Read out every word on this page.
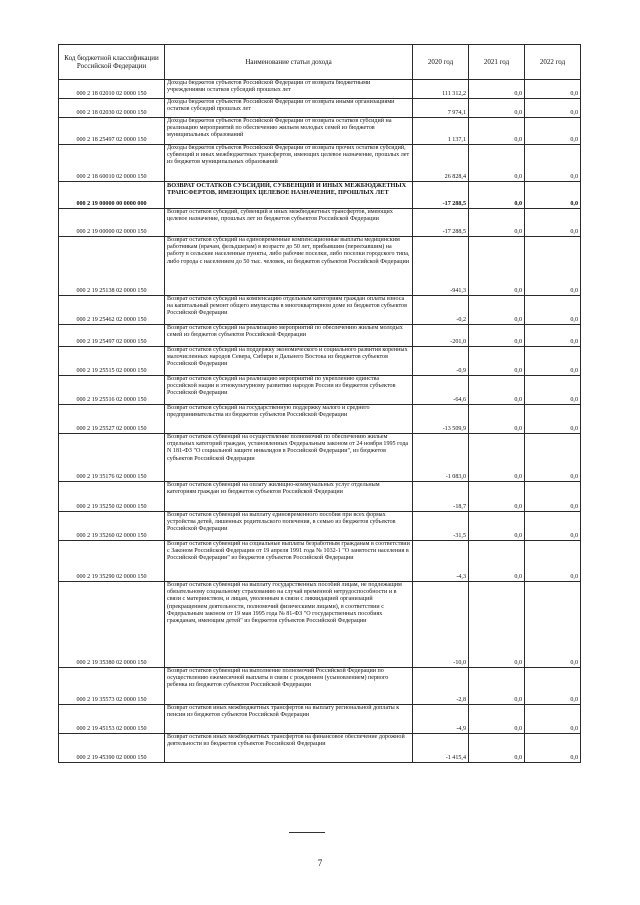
Код бюджетной классификации Российской Федерации	Наименование статьи дохода	2020 год	2021 год	2022 год
000 2 18 02010 02 0000 150	Доходы бюджетов субъектов Российской Федерации от возврата бюджетными учреждениями остатков субсидий прошлых лет	111 312,2	0,0	0,0
000 2 18 02030 02 0000 150	Доходы бюджетов субъектов Российской Федерации от возврата иными организациями остатков субсидий прошлых лет	7 974,1	0,0	0,0
000 2 18 25497 02 0000 150	Доходы бюджетов субъектов Российской Федерации от возврата остатков субсидий на реализацию мероприятий по обеспечению жильем молодых семей из бюджетов муниципальных образований	1 137,1	0,0	0,0
000 2 18 60010 02 0000 150	Доходы бюджетов субъектов Российской Федерации от возврата прочих остатков субсидий, субвенций и иных межбюджетных трансфертов, имеющих целевое назначение, прошлых лет из бюджетов муниципальных образований	26 828,4	0,0	0,0
000 2 19 00000 00 0000 000	ВОЗВРАТ ОСТАТКОВ СУБСИДИЙ, СУБВЕНЦИЙ И ИНЫХ МЕЖБЮДЖЕТНЫХ ТРАНСФЕРТОВ, ИМЕЮЩИХ ЦЕЛЕВОЕ НАЗНАЧЕНИЕ, ПРОШЛЫХ ЛЕТ	-17 288,5	0,0	0,0
000 2 19 00000 02 0000 150	Возврат остатков субсидий, субвенций и иных межбюджетных трансфертов, имеющих целевое назначение, прошлых лет из бюджетов субъектов Российской Федерации	-17 288,5	0,0	0,0
000 2 19 25138 02 0000 150	Возврат остатков субсидий на единовременные компенсационные выплаты медицинским работникам (врачам, фельдшерам) в возрасте до 50 лет, прибывшим (переехавшим) на работу в сельские населенные пункты, либо рабочие поселки, либо поселки городского типа, либо города с населением до 50 тыс. человек, из бюджетов субъектов Российской Федерации	-941,3	0,0	0,0
000 2 19 25462 02 0000 150	Возврат остатков субсидий на компенсацию отдельным категориям граждан оплаты взноса на капитальный ремонт общего имущества в многоквартирном доме из бюджетов субъектов Российской Федерации	-0,2	0,0	0,0
000 2 19 25497 02 0000 150	Возврат остатков субсидий на реализацию мероприятий по обеспечению жильем молодых семей из бюджетов субъектов Российской Федерации	-201,0	0,0	0,0
000 2 19 25515 02 0000 150	Возврат остатков субсидий на поддержку экономического и социального развития коренных малочисленных народов Севера, Сибири и Дальнего Востока из бюджетов субъектов Российской Федерации	-0,9	0,0	0,0
000 2 19 25516 02 0000 150	Возврат остатков субсидий на реализацию мероприятий по укреплению единства российской нации и этнокультурному развитию народов России из бюджетов субъектов Российской Федерации	-64,6	0,0	0,0
000 2 19 25527 02 0000 150	Возврат остатков субсидий на государственную поддержку малого и среднего предпринимательства из бюджетов субъектов Российской Федерации	-13 509,9	0,0	0,0
000 2 19 35176 02 0000 150	Возврат остатков субвенций на осуществление полномочий по обеспечению жильем отдельных категорий граждан, установленных Федеральным законом от 24 ноября 1995 года N 181-ФЗ "О социальной защите инвалидов в Российской Федерации", из бюджетов субъектов Российской Федерации	-1 083,0	0,0	0,0
000 2 19 35250 02 0000 150	Возврат остатков субвенций на оплату жилищно-коммунальных услуг отдельным категориям граждан из бюджетов субъектов Российской Федерации	-18,7	0,0	0,0
000 2 19 35260 02 0000 150	Возврат остатков субвенций на выплату единовременного пособия при всех формах устройства детей, лишенных родительского попечения, в семью из бюджетов субъектов Российской Федерации	-31,5	0,0	0,0
000 2 19 35290 02 0000 150	Возврат остатков субвенций на социальные выплаты безработным гражданам в соответствии с Законом Российской Федерации от 19 апреля 1991 года № 1032-1 "О занятости населения в Российской Федерации" из бюджетов субъектов Российской Федерации	-4,3	0,0	0,0
000 2 19 35380 02 0000 150	Возврат остатков субвенций на выплату государственных пособий лицам, не подлежащим обязательному социальному страхованию на случай временной нетрудоспособности и в связи с материнством, и лицам, уволенным в связи с ликвидацией организаций (прекращением деятельности, полномочий физическими лицами), в соответствии с Федеральным законом от 19 мая 1995 года № 81-ФЗ "О государственных пособиях гражданам, имеющим детей" из бюджетов субъектов Российской Федерации	-10,0	0,0	0,0
000 2 19 35573 02 0000 150	Возврат остатков субвенций на выполнение полномочий Российской Федерации по осуществлению ежемесячной выплаты в связи с рождением (усыновлением) первого ребенка из бюджетов субъектов Российской Федерации	-2,8	0,0	0,0
000 2 19 45153 02 0000 150	Возврат остатков иных межбюджетных трансфертов на выплату региональной доплаты к пенсии из бюджетов субъектов Российской Федерации	-4,9	0,0	0,0
000 2 19 45390 02 0000 150	Возврат остатков иных межбюджетных трансфертов на финансовое обеспечение дорожной деятельности из бюджетов субъектов Российской Федерации	-1 415,4	0,0	0,0
7
